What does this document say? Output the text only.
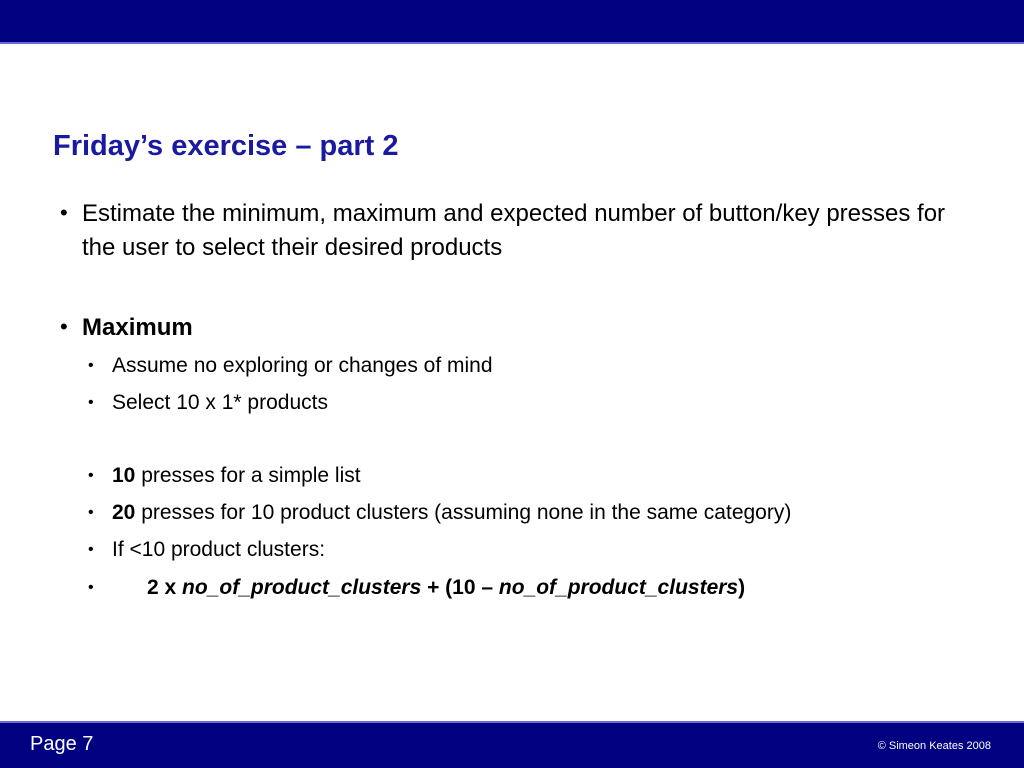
Friday’s exercise – part 2
• Estimate the minimum, maximum and expected number of button/key presses for the user to select their desired products
• Maximum
• Assume no exploring or changes of mind
• Select 10 x 1* products
• 10 presses for a simple list
• 20 presses for 10 product clusters (assuming none in the same category)
• If <10 product clusters:
•	2 x no_of_product_clusters + (10 – no_of_product_clusters)
Page 7	© Simeon Keates 2008
